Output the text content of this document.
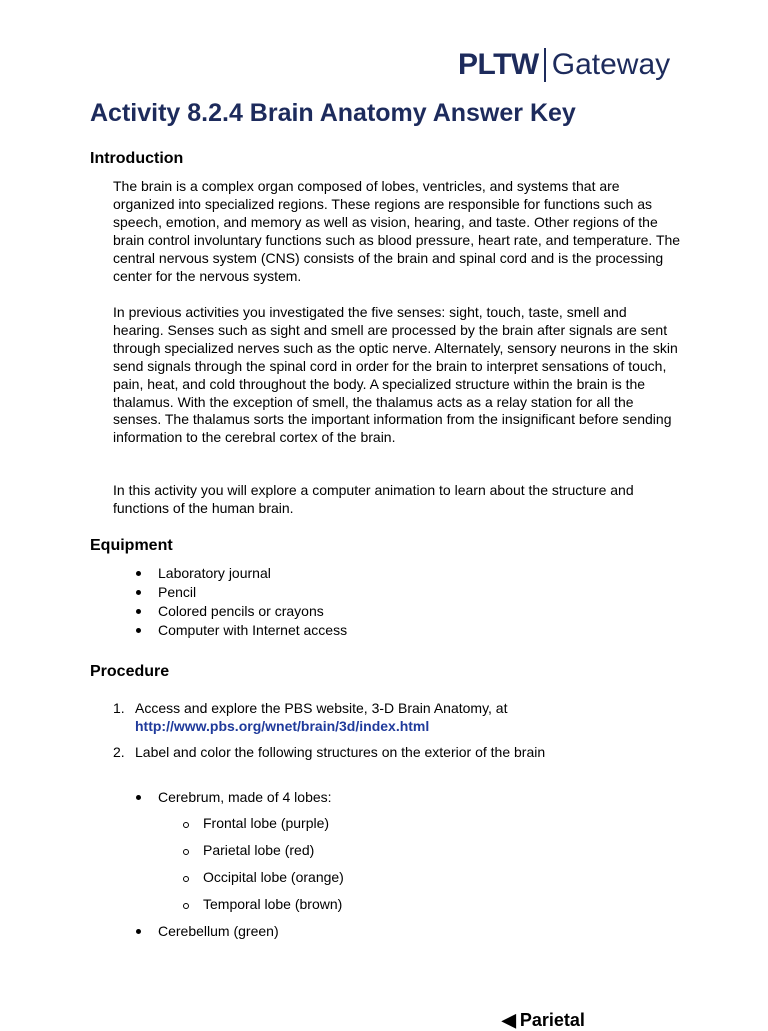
PLTW Gateway
Activity 8.2.4 Brain Anatomy Answer Key
Introduction

The brain is a complex organ composed of lobes, ventricles, and systems that are organized into specialized regions. These regions are responsible for functions such as speech, emotion, and memory as well as vision, hearing, and taste. Other regions of the brain control involuntary functions such as blood pressure, heart rate, and temperature. The central nervous system (CNS) consists of the brain and spinal cord and is the processing center for the nervous system.

In previous activities you investigated the five senses: sight, touch, taste, smell and hearing. Senses such as sight and smell are processed by the brain after signals are sent through specialized nerves such as the optic nerve. Alternately, sensory neurons in the skin send signals through the spinal cord in order for the brain to interpret sensations of touch, pain, heat, and cold throughout the body. A specialized structure within the brain is the thalamus. With the exception of smell, the thalamus acts as a relay station for all the senses. The thalamus sorts the important information from the insignificant before sending information to the cerebral cortex of the brain.

In this activity you will explore a computer animation to learn about the structure and functions of the human brain.

Equipment
Laboratory journal
Pencil
Colored pencils or crayons
Computer with Internet access
Procedure
1. Access and explore the PBS website, 3-D Brain Anatomy, at
http://www.pbs.org/wnet/brain/3d/index.html
2. Label and color the following structures on the exterior of the brain
Cerebrum, made of 4 lobes:
Frontal lobe (purple)
Parietal lobe (red)
Occipital lobe (orange)
Temporal lobe (brown)
Cerebellum (green)
◀ Parietal
